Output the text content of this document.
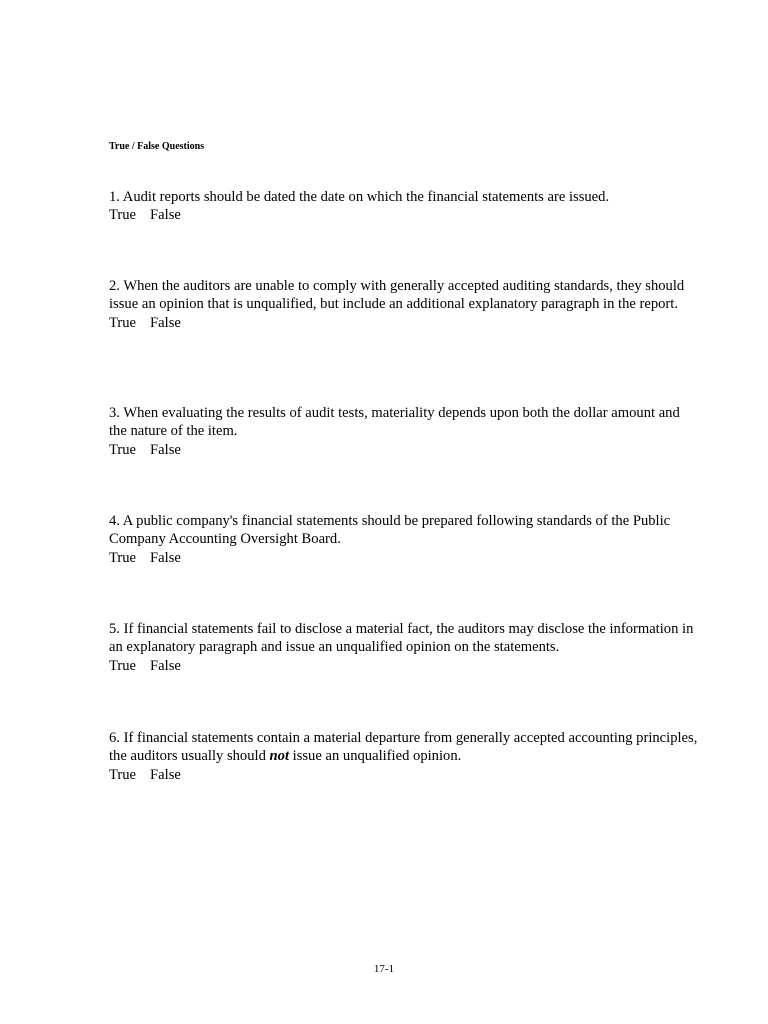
True / False Questions
1. Audit reports should be dated the date on which the financial statements are issued.
True False
2. When the auditors are unable to comply with generally accepted auditing standards, they should issue an opinion that is unqualified, but include an additional explanatory paragraph in the report.
True False
3. When evaluating the results of audit tests, materiality depends upon both the dollar amount and the nature of the item.
True False
4. A public company's financial statements should be prepared following standards of the Public Company Accounting Oversight Board.
True False
5. If financial statements fail to disclose a material fact, the auditors may disclose the information in an explanatory paragraph and issue an unqualified opinion on the statements.
True False
6. If financial statements contain a material departure from generally accepted accounting principles, the auditors usually should not issue an unqualified opinion.
True False
17-1
